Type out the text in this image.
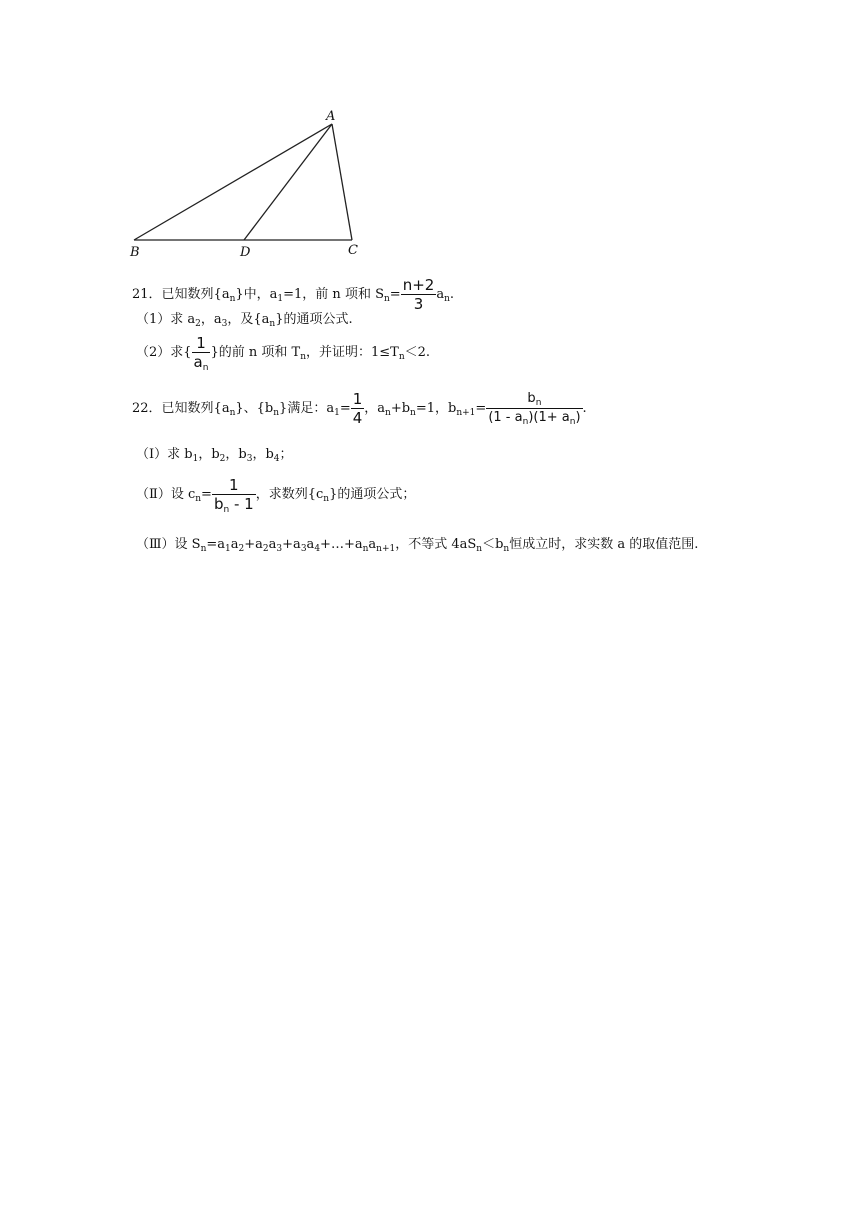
A
B	C
D
21．已知数列$\{a_n\}$中，$a_1=1$，前 n 项和 $S_n= \frac{n+2}{3} a_n$.
（1）求 $a_2$，$a_3$，及$\{a_n\}$的通项公式.
（2）求{ $\frac{1}{a_n}$ }的前 n 项和 $T_n$，并证明：$1\le T_n<2$.
22．已知数列$\{a_n\}$、$\{b_n\}$满足：$a_1= \frac{1}{4}$ ，$a_n+b_n=1$，$b_{n+1}= \frac{b_n}{(1 - a_n)(1+ a_n)}$ .
（Ⅰ）求 $b_1$，$b_2$，$b_3$，$b_4$；
（Ⅱ）设 $c_n= \frac{1}{b_n - 1}$ ，求数列$\{c_n\}$的通项公式；
（Ⅲ）设 $S_n=a_1a_2+a_2a_3+a_3a_4+\dots+a_na_{n+1}$，不等式 $4aS_n<b_n$恒成立时，求实数 a 的取值范围.
